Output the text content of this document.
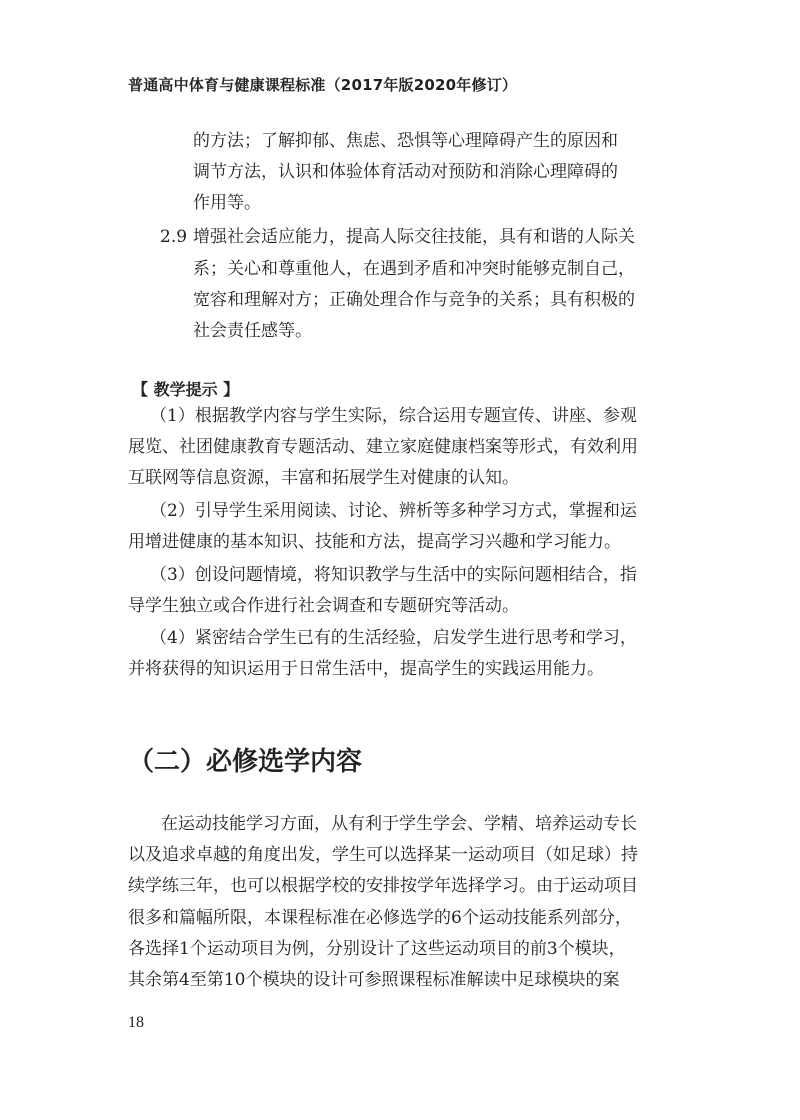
普通高中体育与健康课程标准（2017年版2020年修订）
的方法；了解抑郁、焦虑、恐惧等心理障碍产生的原因和
调节方法，认识和体验体育活动对预防和消除心理障碍的
作用等。
2.9 增强社会适应能力，提高人际交往技能，具有和谐的人际关
系；关心和尊重他人，在遇到矛盾和冲突时能够克制自己，
宽容和理解对方；正确处理合作与竞争的关系；具有积极的
社会责任感等。
【 教学提示 】
（1）根据教学内容与学生实际，综合运用专题宣传、讲座、参观
展览、社团健康教育专题活动、建立家庭健康档案等形式，有效利用
互联网等信息资源，丰富和拓展学生对健康的认知。
（2）引导学生采用阅读、讨论、辨析等多种学习方式，掌握和运
用增进健康的基本知识、技能和方法，提高学习兴趣和学习能力。
（3）创设问题情境，将知识教学与生活中的实际问题相结合，指
导学生独立或合作进行社会调查和专题研究等活动。
（4）紧密结合学生已有的生活经验，启发学生进行思考和学习，
并将获得的知识运用于日常生活中，提高学生的实践运用能力。
（二）必修选学内容
在运动技能学习方面，从有利于学生学会、学精、培养运动专长
以及追求卓越的角度出发，学生可以选择某一运动项目（如足球）持
续学练三年，也可以根据学校的安排按学年选择学习。由于运动项目
很多和篇幅所限，本课程标准在必修选学的6个运动技能系列部分，
各选择1个运动项目为例，分别设计了这些运动项目的前3个模块，
其余第4至第10个模块的设计可参照课程标准解读中足球模块的案
18
